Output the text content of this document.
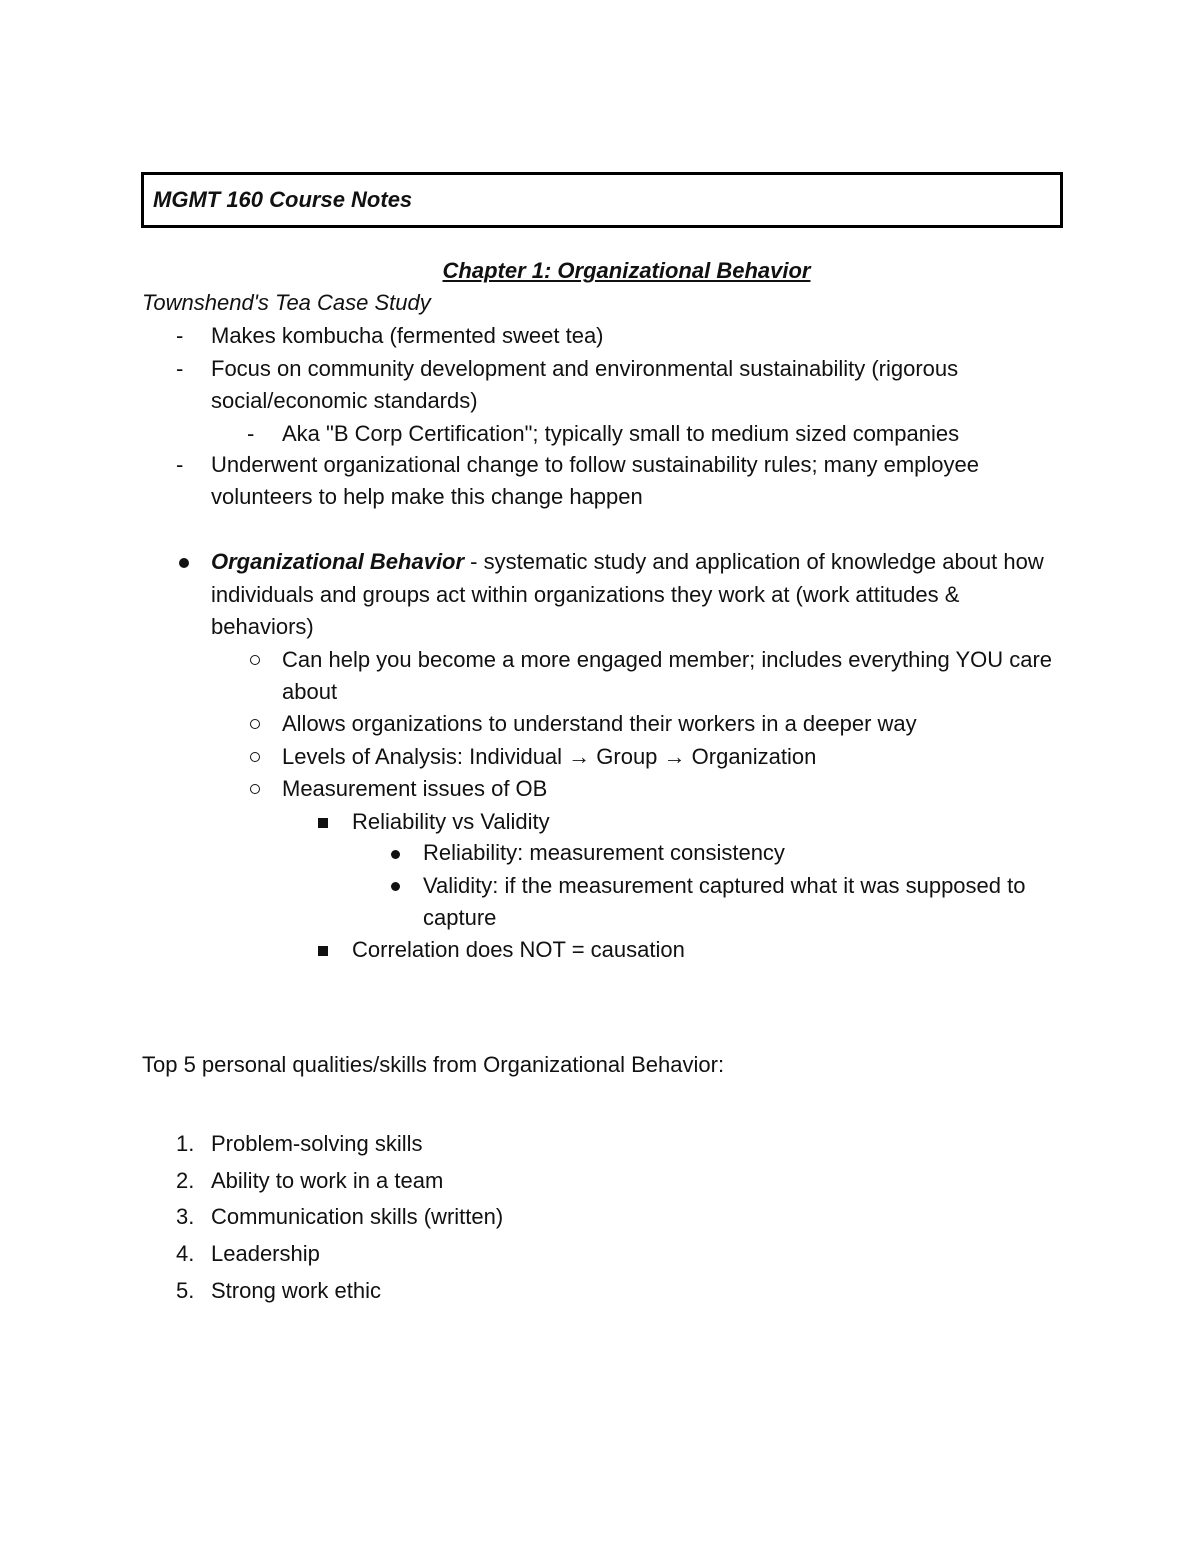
MGMT 160 Course Notes
Chapter 1: Organizational Behavior
Townshend's Tea Case Study
- Makes kombucha (fermented sweet tea)
- Focus on community development and environmental sustainability (rigorous
social/economic standards)
- Aka "B Corp Certification"; typically small to medium sized companies
- Underwent organizational change to follow sustainability rules; many employee
volunteers to help make this change happen
Organizational Behavior - systematic study and application of knowledge about how
individuals and groups act within organizations they work at (work attitudes &
behaviors)
Can help you become a more engaged member; includes everything YOU care
about
Allows organizations to understand their workers in a deeper way
Levels of Analysis: Individual → Group → Organization
Measurement issues of OB
Reliability vs Validity
Reliability: measurement consistency
Validity: if the measurement captured what it was supposed to
capture
Correlation does NOT = causation
Top 5 personal qualities/skills from Organizational Behavior:
1. Problem-solving skills
2. Ability to work in a team
3. Communication skills (written)
4. Leadership
5. Strong work ethic
